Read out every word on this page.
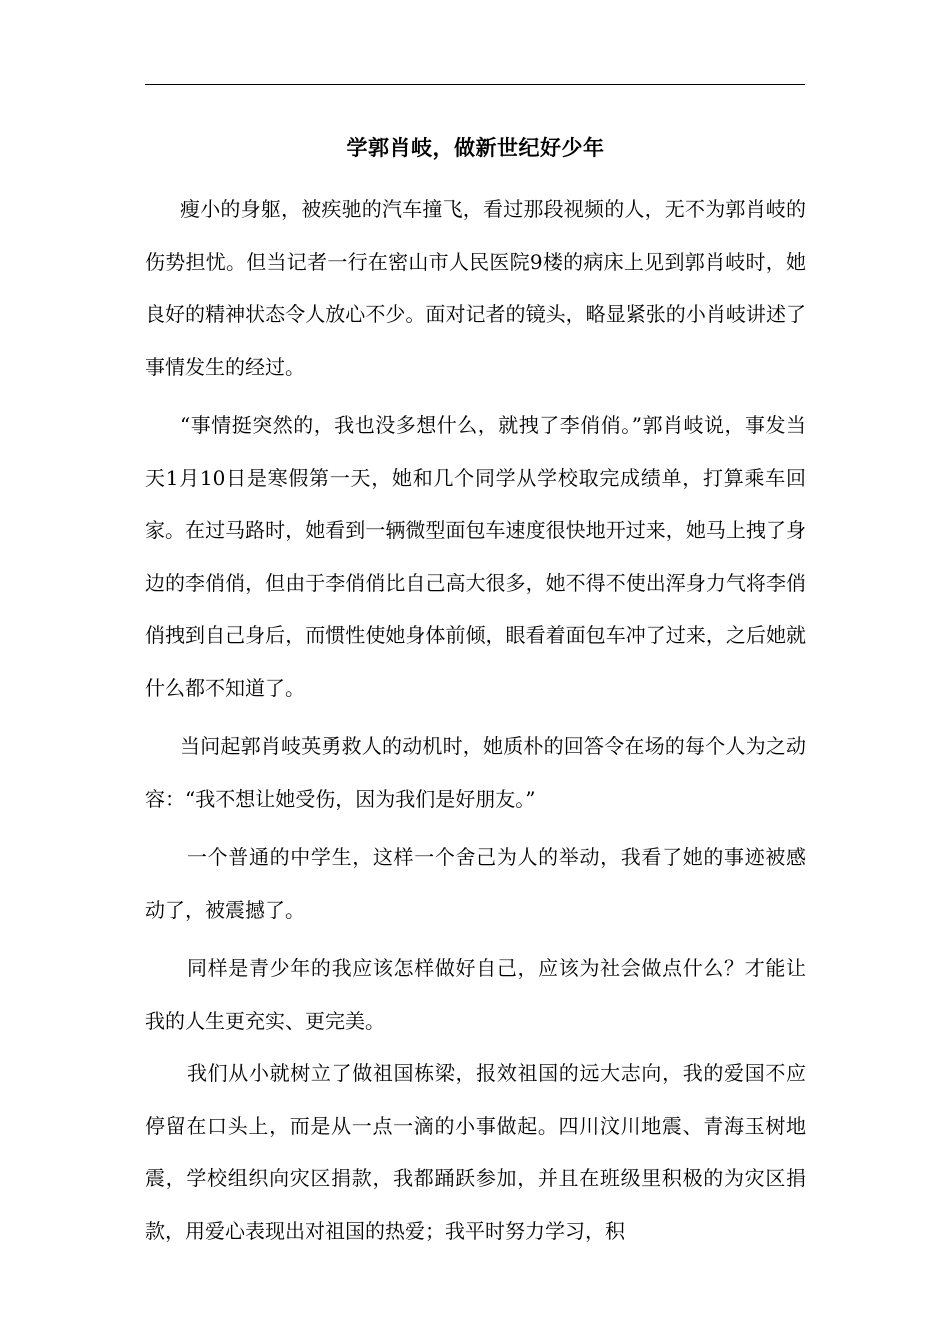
学郭肖岐，做新世纪好少年

瘦小的身躯，被疾驰的汽车撞飞，看过那段视频的人，无不为郭肖岐的伤势担忧。但当记者一行在密山市人民医院9楼的病床上见到郭肖岐时，她良好的精神状态令人放心不少。面对记者的镜头，略显紧张的小肖岐讲述了事情发生的经过。

“事情挺突然的，我也没多想什么，就拽了李俏俏。”郭肖岐说，事发当天1月10日是寒假第一天，她和几个同学从学校取完成绩单，打算乘车回家。在过马路时，她看到一辆微型面包车速度很快地开过来，她马上拽了身边的李俏俏，但由于李俏俏比自己高大很多，她不得不使出浑身力气将李俏俏拽到自己身后，而惯性使她身体前倾，眼看着面包车冲了过来，之后她就什么都不知道了。

当问起郭肖岐英勇救人的动机时，她质朴的回答令在场的每个人为之动容：“我不想让她受伤，因为我们是好朋友。”

一个普通的中学生，这样一个舍己为人的举动，我看了她的事迹被感动了，被震撼了。

同样是青少年的我应该怎样做好自己，应该为社会做点什么？才能让我的人生更充实、更完美。

我们从小就树立了做祖国栋梁，报效祖国的远大志向，我的爱国不应停留在口头上，而是从一点一滴的小事做起。四川汶川地震、青海玉树地震，学校组织向灾区捐款，我都踊跃参加，并且在班级里积极的为灾区捐款，用爱心表现出对祖国的热爱；我平时努力学习，积
